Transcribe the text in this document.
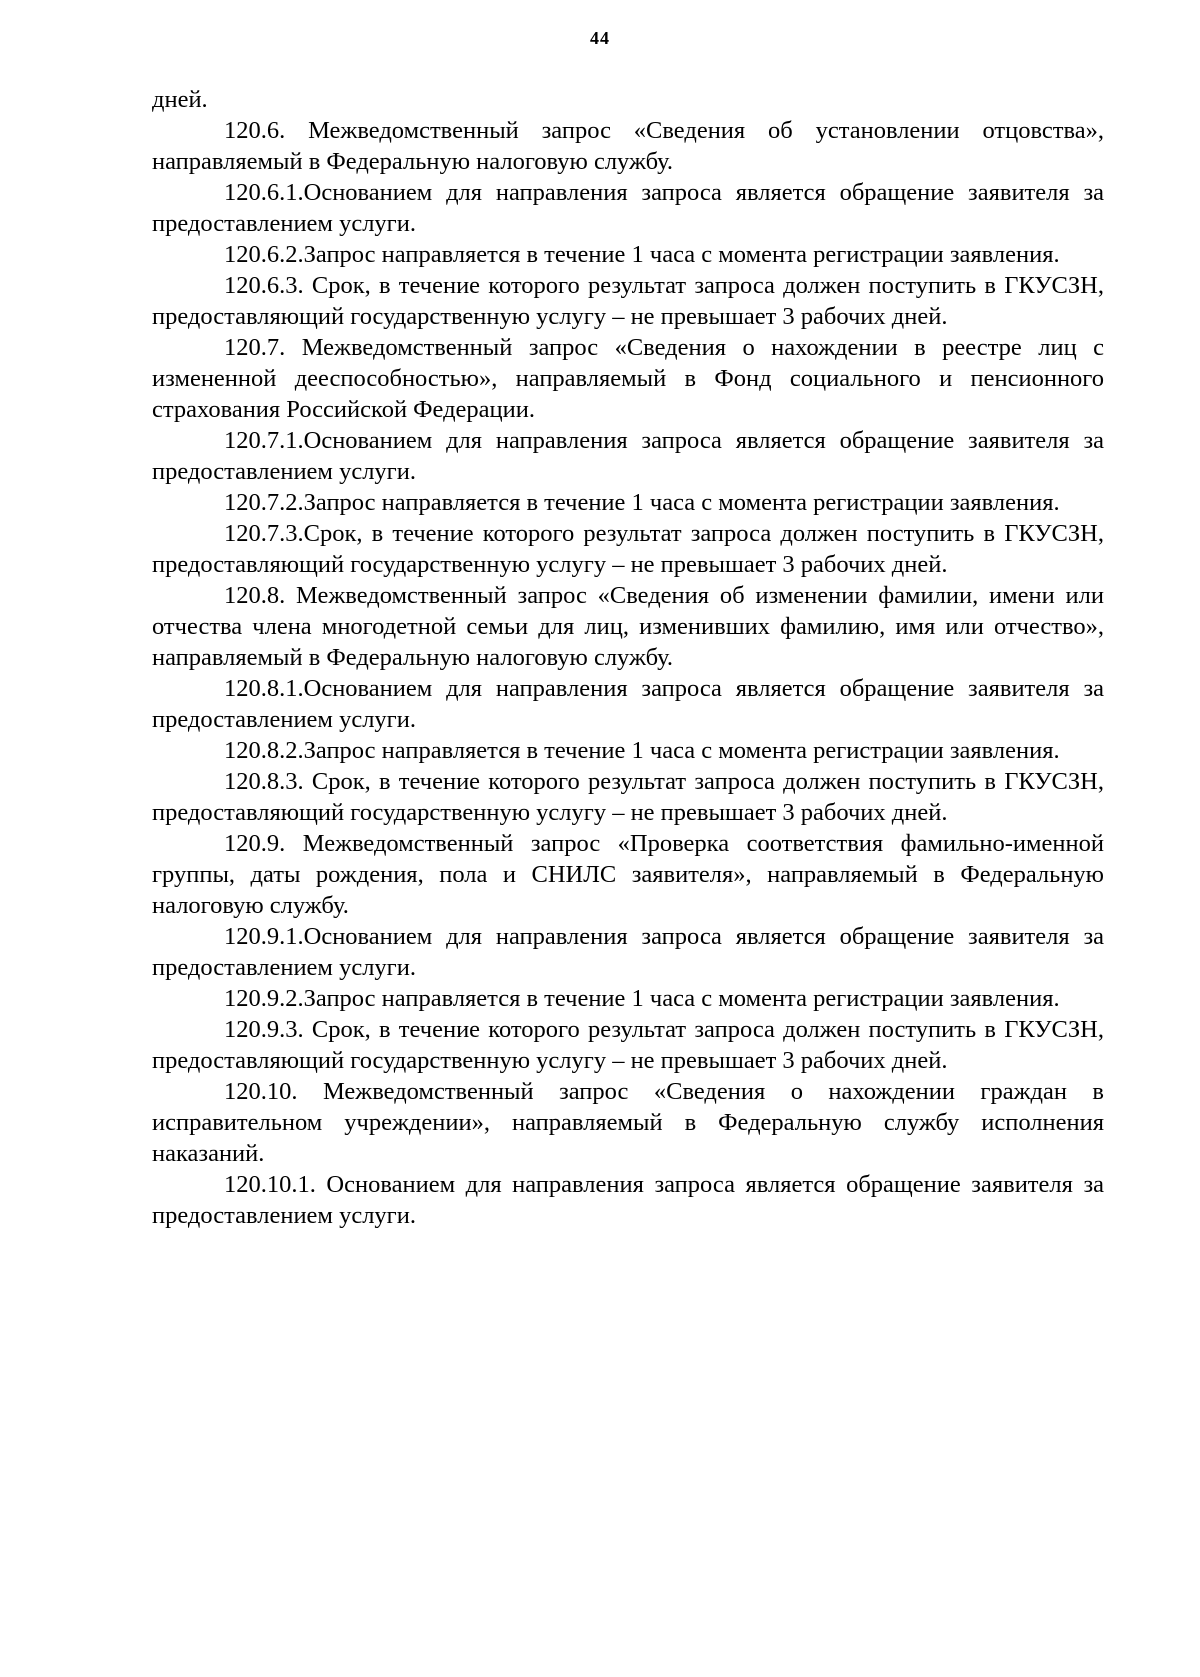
44

дней.

120.6. Межведомственный запрос «Сведения об установлении отцовства», направляемый в Федеральную налоговую службу.

120.6.1.Основанием для направления запроса является обращение заявителя за предоставлением услуги.

120.6.2.Запрос направляется в течение 1 часа с момента регистрации заявления.

120.6.3. Срок, в течение которого результат запроса должен поступить в ГКУСЗН, предоставляющий государственную услугу – не превышает 3 рабочих дней.

120.7. Межведомственный запрос «Сведения о нахождении в реестре лиц с измененной дееспособностью», направляемый в Фонд социального и пенсионного страхования Российской Федерации.

120.7.1.Основанием для направления запроса является обращение заявителя за предоставлением услуги.

120.7.2.Запрос направляется в течение 1 часа с момента регистрации заявления.

120.7.3.Срок, в течение которого результат запроса должен поступить в ГКУСЗН, предоставляющий государственную услугу – не превышает 3 рабочих дней.

120.8. Межведомственный запрос «Сведения об изменении фамилии, имени или отчества члена многодетной семьи для лиц, изменивших фамилию, имя или отчество», направляемый в Федеральную налоговую службу.

120.8.1.Основанием для направления запроса является обращение заявителя за предоставлением услуги.

120.8.2.Запрос направляется в течение 1 часа с момента регистрации заявления.

120.8.3. Срок, в течение которого результат запроса должен поступить в ГКУСЗН, предоставляющий государственную услугу – не превышает 3 рабочих дней.

120.9. Межведомственный запрос «Проверка соответствия фамильно-именной группы, даты рождения, пола и СНИЛС заявителя», направляемый в Федеральную налоговую службу.

120.9.1.Основанием для направления запроса является обращение заявителя за предоставлением услуги.

120.9.2.Запрос направляется в течение 1 часа с момента регистрации заявления.

120.9.3. Срок, в течение которого результат запроса должен поступить в ГКУСЗН, предоставляющий государственную услугу – не превышает 3 рабочих дней.

120.10. Межведомственный запрос «Сведения о нахождении граждан в исправительном учреждении», направляемый в Федеральную службу исполнения наказаний.

120.10.1. Основанием для направления запроса является обращение заявителя за предоставлением услуги.
